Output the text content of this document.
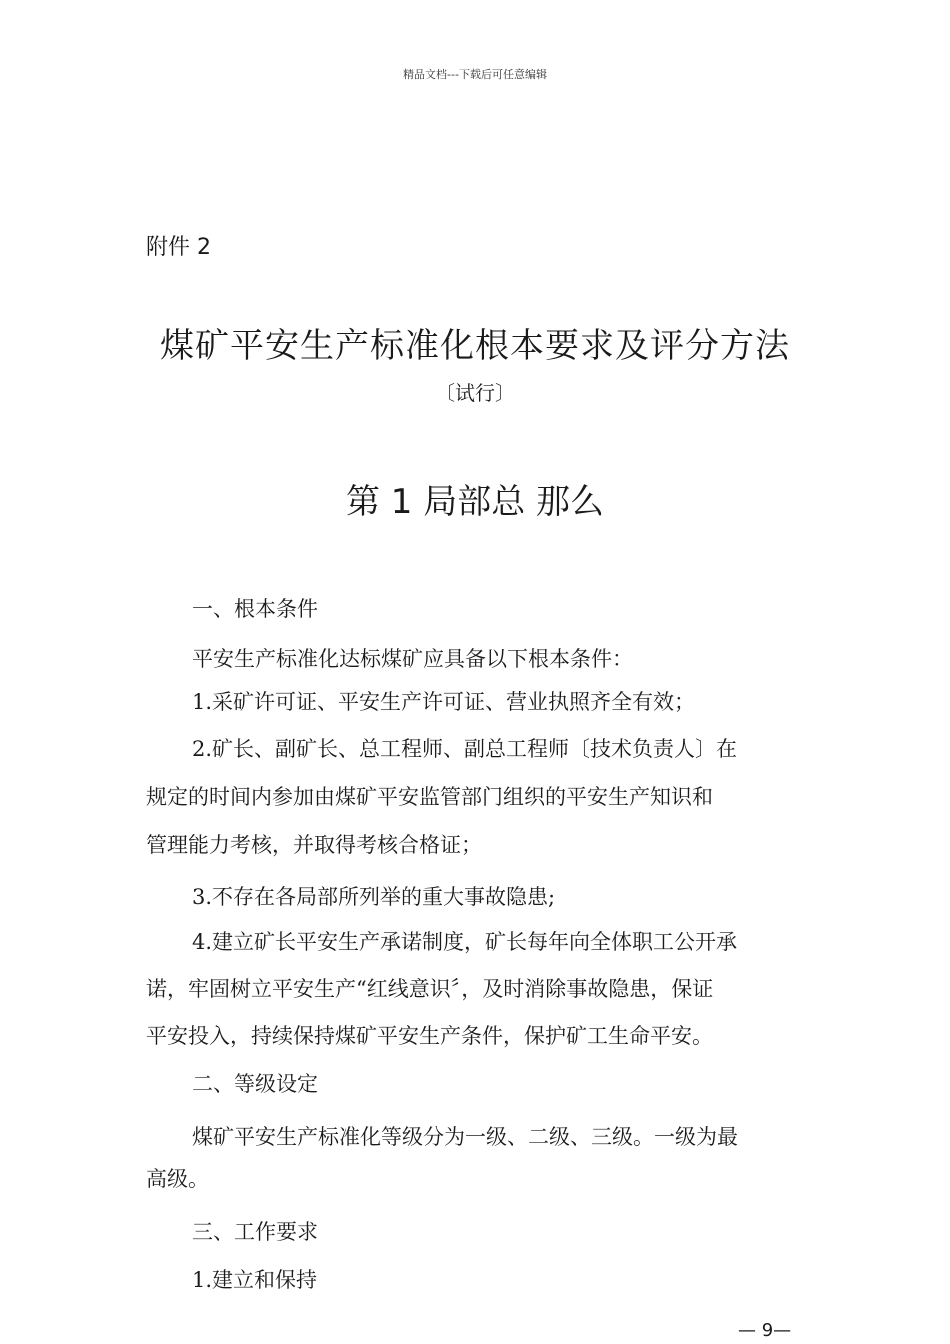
精品文档---下载后可任意编辑
附件 2
煤矿平安生产标准化根本要求及评分方法
〔试行〕
第 1 局部总 那么
一、根本条件
平安生产标准化达标煤矿应具备以下根本条件：
1.采矿许可证、平安生产许可证、营业执照齐全有效；
2.矿长、副矿长、总工程师、副总工程师〔技术负责人〕在
规定的时间内参加由煤矿平安监管部门组织的平安生产知识和
管理能力考核，并取得考核合格证；
3.不存在各局部所列举的重大事故隐患;
4.建立矿长平安生产承诺制度，矿长每年向全体职工公开承
诺，牢固树立平安生产“红线意识〞，及时消除事故隐患，保证
平安投入，持续保持煤矿平安生产条件，保护矿工生命平安。
二、等级设定
煤矿平安生产标准化等级分为一级、二级、三级。一级为最
高级。
三、工作要求
1.建立和保持
— 9—
